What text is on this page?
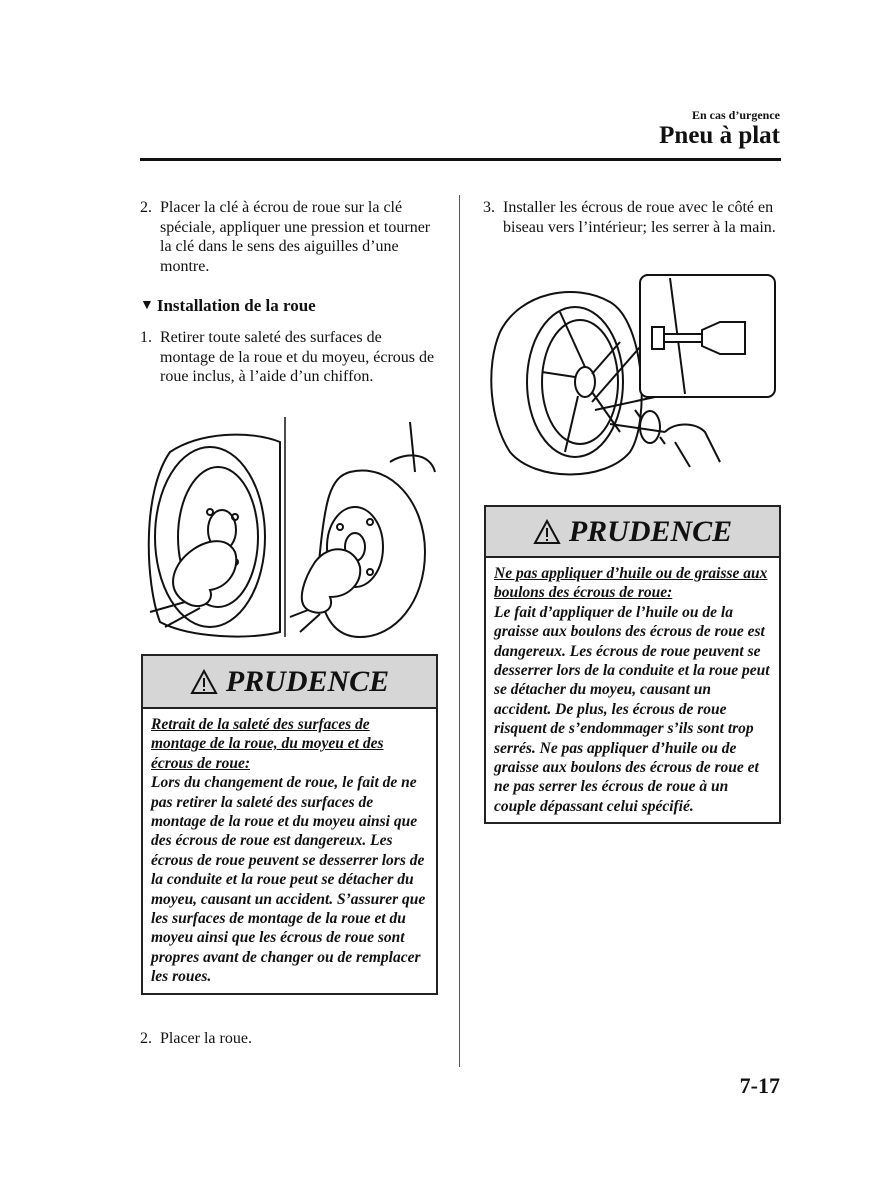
En cas d’urgence
Pneu à plat
2. Placer la clé à écrou de roue sur la clé spéciale, appliquer une pression et tourner la clé dans le sens des aiguilles d’une montre.
▼ Installation de la roue
1. Retirer toute saleté des surfaces de montage de la roue et du moyeu, écrous de roue inclus, à l’aide d’un chiffon.
PRUDENCE
Retrait de la saleté des surfaces de montage de la roue, du moyeu et des écrous de roue:
Lors du changement de roue, le fait de ne pas retirer la saleté des surfaces de montage de la roue et du moyeu ainsi que des écrous de roue est dangereux. Les écrous de roue peuvent se desserrer lors de la conduite et la roue peut se détacher du moyeu, causant un accident. S’assurer que les surfaces de montage de la roue et du moyeu ainsi que les écrous de roue sont propres avant de changer ou de remplacer les roues.
2. Placer la roue.
3. Installer les écrous de roue avec le côté en biseau vers l’intérieur; les serrer à la main.
PRUDENCE
Ne pas appliquer d’huile ou de graisse aux boulons des écrous de roue:
Le fait d’appliquer de l’huile ou de la graisse aux boulons des écrous de roue est dangereux. Les écrous de roue peuvent se desserrer lors de la conduite et la roue peut se détacher du moyeu, causant un accident. De plus, les écrous de roue risquent de s’endommager s’ils sont trop serrés. Ne pas appliquer d’huile ou de graisse aux boulons des écrous de roue et ne pas serrer les écrous de roue à un couple dépassant celui spécifié.
7-17
